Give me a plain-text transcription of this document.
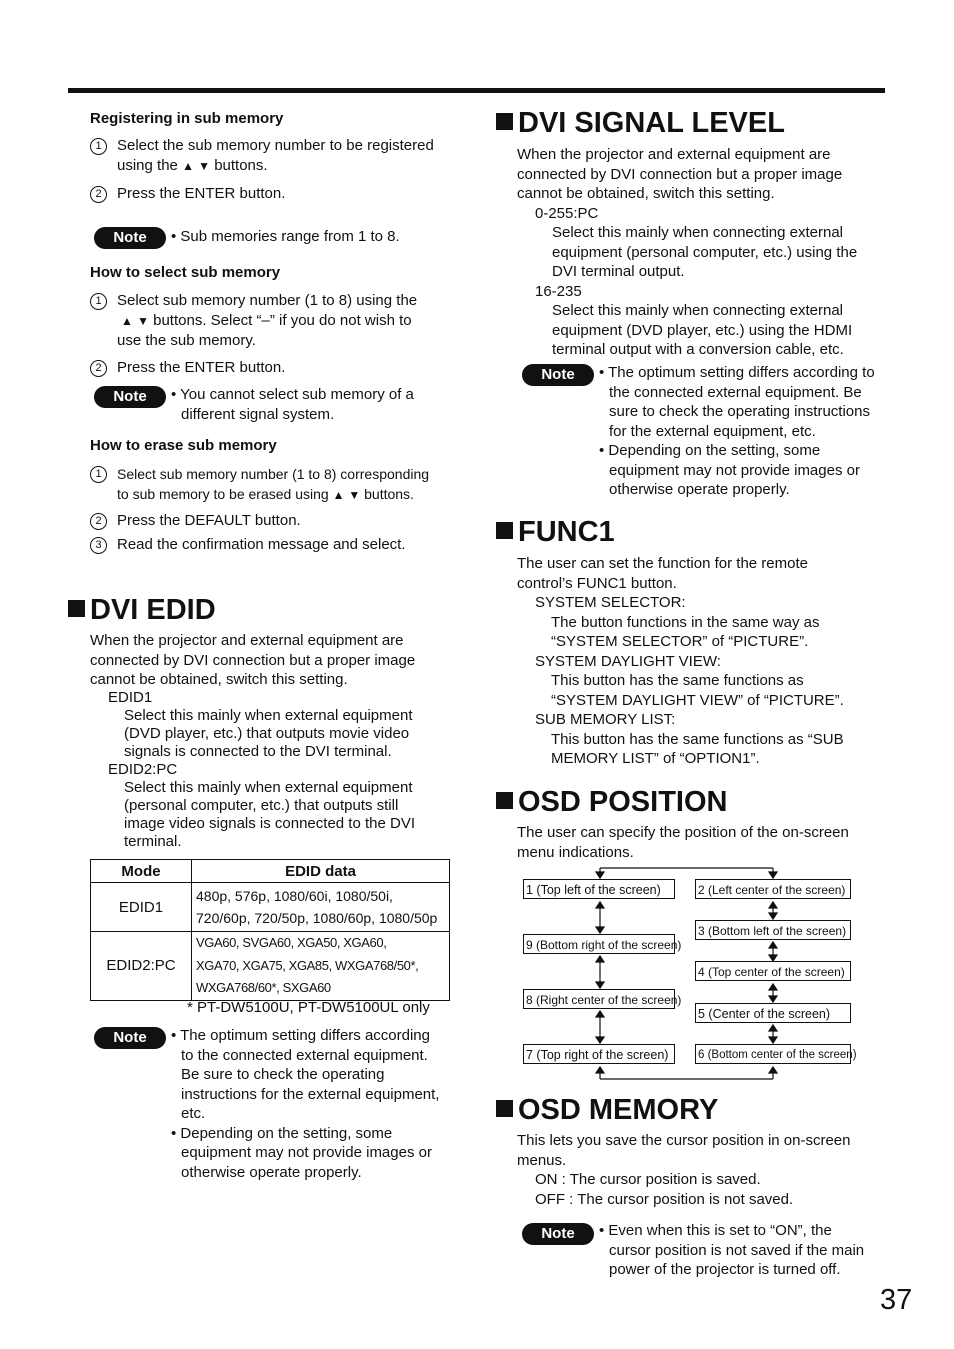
Registering in sub memory
1	Select the sub memory number to be registered
using the ▲ ▼ buttons.
2	Press the ENTER button.
Note	• Sub memories range from 1 to 8.
How to select sub memory
1	Select sub memory number (1 to 8) using the
▲ ▼ buttons. Select “–” if you do not wish to
use the sub memory.
2	Press the ENTER button.
Note	• You cannot select sub memory of a
different signal system.
How to erase sub memory
1	Select sub memory number (1 to 8) corresponding
to sub memory to be erased using ▲ ▼ buttons.
2	Press the DEFAULT button.
3	Read the confirmation message and select.
DVI EDID
When the projector and external equipment are
connected by DVI connection but a proper image
cannot be obtained, switch this setting.
EDID1
Select this mainly when external equipment
(DVD player, etc.) that outputs movie video
signals is connected to the DVI terminal.
EDID2:PC
Select this mainly when external equipment
(personal computer, etc.) that outputs still
image video signals is connected to the DVI
terminal.
Mode	EDID data
EDID1	480p, 576p, 1080/60i, 1080/50i,
720/60p, 720/50p, 1080/60p, 1080/50p
EDID2:PC	VGA60, SVGA60, XGA50, XGA60,
XGA70, XGA75, XGA85, WXGA768/50*,
WXGA768/60*, SXGA60
* PT-DW5100U, PT-DW5100UL only
Note	• The optimum setting differs according
to the connected external equipment.
Be sure to check the operating
instructions for the external equipment,
etc.
• Depending on the setting, some
equipment may not provide images or
otherwise operate properly.
DVI SIGNAL LEVEL
When the projector and external equipment are
connected by DVI connection but a proper image
cannot be obtained, switch this setting.
0-255:PC
Select this mainly when connecting external
equipment (personal computer, etc.) using the
DVI terminal output.
16-235
Select this mainly when connecting external
equipment (DVD player, etc.) using the HDMI
terminal output with a conversion cable, etc.
Note	• The optimum setting differs according to
the connected external equipment. Be
sure to check the operating instructions
for the external equipment, etc.
• Depending on the setting, some
equipment may not provide images or
otherwise operate properly.
FUNC1
The user can set the function for the remote
control’s FUNC1 button.
SYSTEM SELECTOR:
The button functions in the same way as
“SYSTEM SELECTOR” of “PICTURE”.
SYSTEM DAYLIGHT VIEW:
This button has the same functions as
“SYSTEM DAYLIGHT VIEW” of “PICTURE”.
SUB MEMORY LIST:
This button has the same functions as “SUB
MEMORY LIST” of “OPTION1”.
OSD POSITION
The user can specify the position of the on-screen
menu indications.
1 (Top left of the screen)
9 (Bottom right of the screen)
8 (Right center of the screen)
7 (Top right of the screen)
2 (Left center of the screen)
3 (Bottom left of the screen)
4 (Top center of the screen)
5 (Center of the screen)
6 (Bottom center of the screen)
OSD MEMORY
This lets you save the cursor position in on-screen
menus.
ON : The cursor position is saved.
OFF : The cursor position is not saved.
Note	• Even when this is set to “ON”, the
cursor position is not saved if the main
power of the projector is turned off.
37
